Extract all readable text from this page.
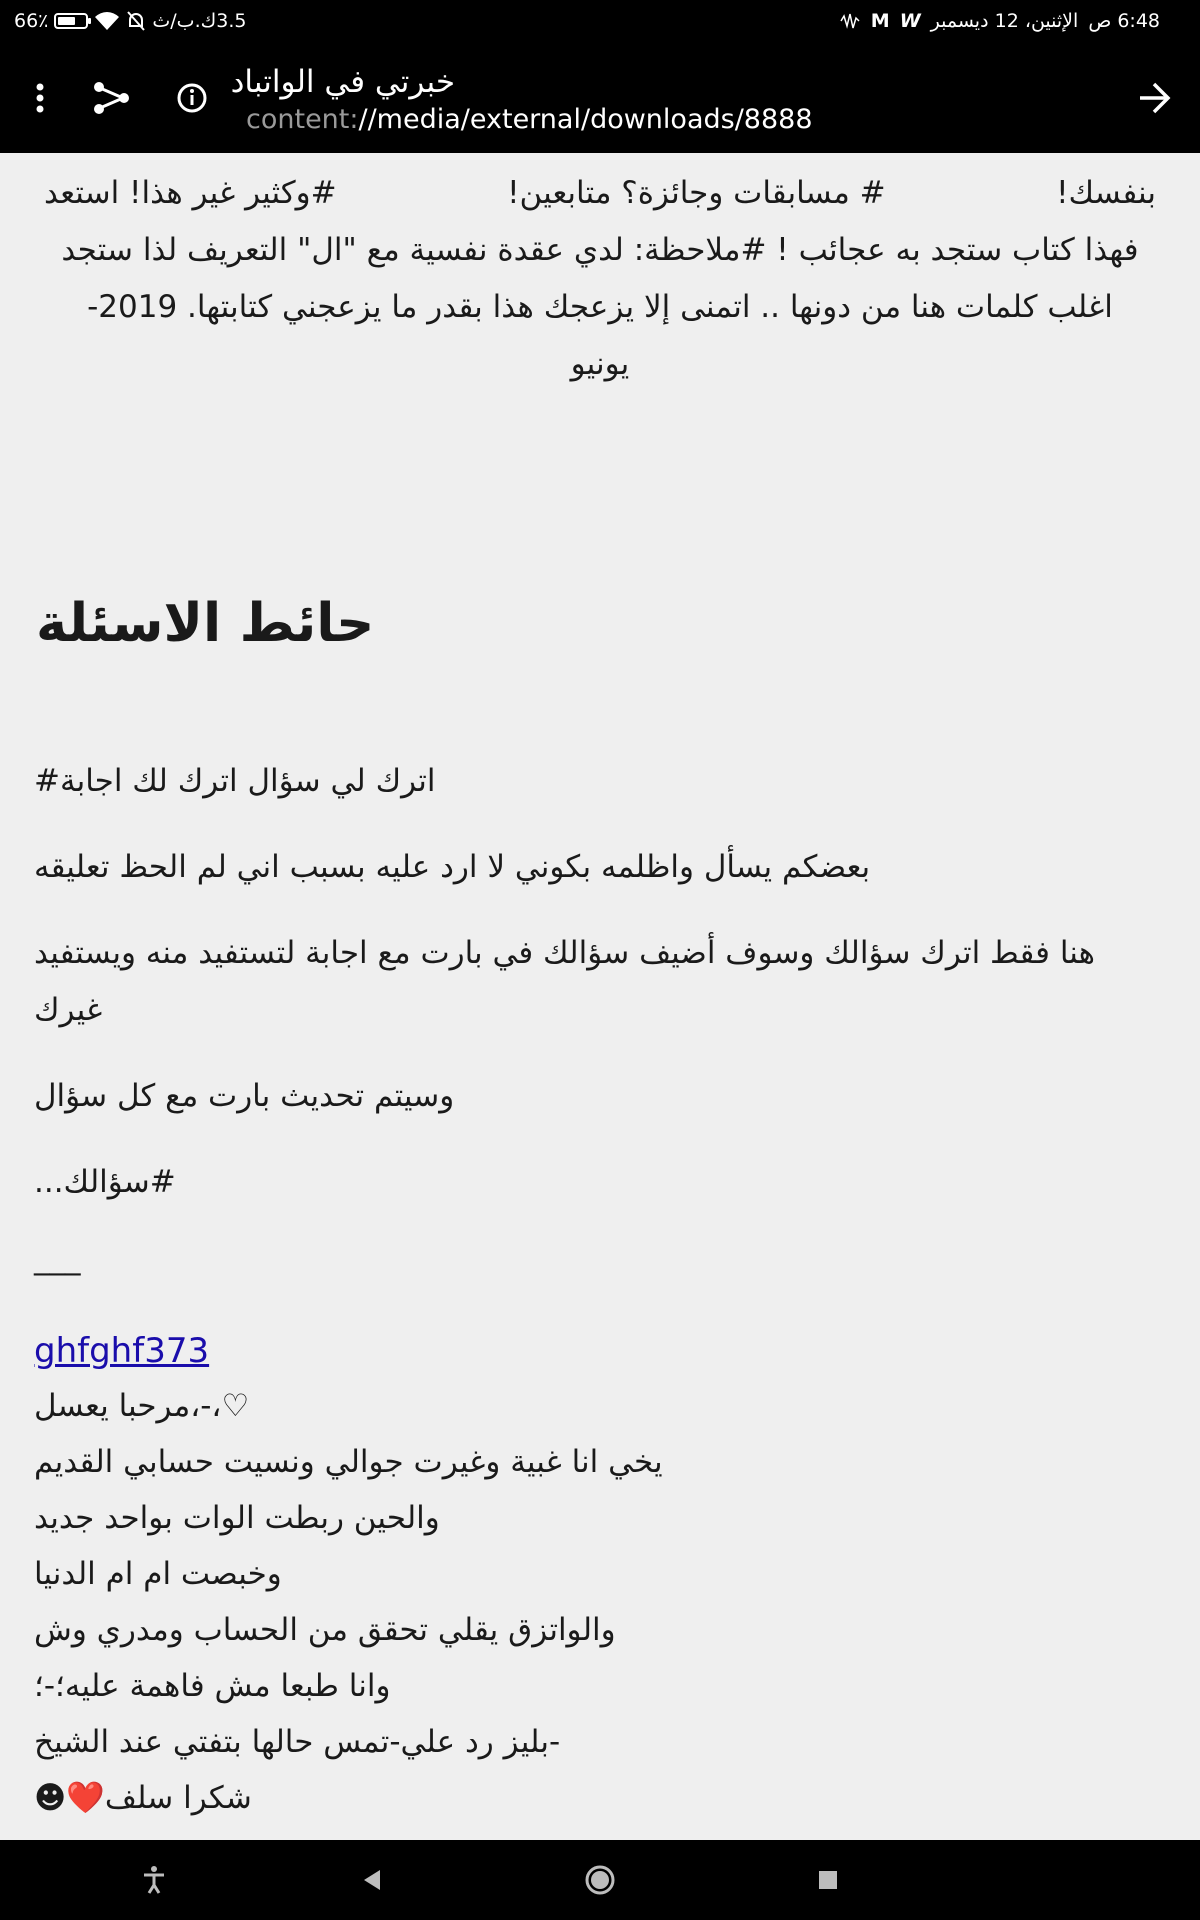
66٪	3.5ك.ب/ث	M W الإثنين، 12 ديسمبر 6:48 ص
خبرتي في الواتباد
content://media/external/downloads/8888
بنفسك!
# مسابقات وجائزة؟ متابعين!
#وكثير غير هذا! استعد
فهذا كتاب ستجد به عجائب ! #ملاحظة: لدي عقدة نفسية مع "ال" التعريف لذا ستجد
اغلب كلمات هنا من دونها .. اتمنى إلا يزعجك هذا بقدر ما يزعجني كتابتها. 2019-
يونيو
حائط الاسئلة
اترك لي سؤال اترك لك اجابة#
بعضكم يسأل واظلمه بكوني لا ارد عليه بسبب اني لم الحظ تعليقه
هنا فقط اترك سؤالك وسوف أضيف سؤالك في بارت مع اجابة لتستفيد منه ويستفيد غيرك
وسيتم تحديث بارت مع كل سؤال
#سؤالك...
___
ghfghf373
♡،-،مرحبا يعسل
يخي انا غبية وغيرت جوالي ونسيت حسابي القديم
والحين ربطت الوات بواحد جديد
وخبصت ام ام الدنيا
والواتزق يقلي تحقق من الحساب ومدري وش
وانا طبعا مش فاهمة عليه؛-؛
-بليز رد علي-تمس حالها بتفتي عند الشيخ
شكرا سلف❤️☻
